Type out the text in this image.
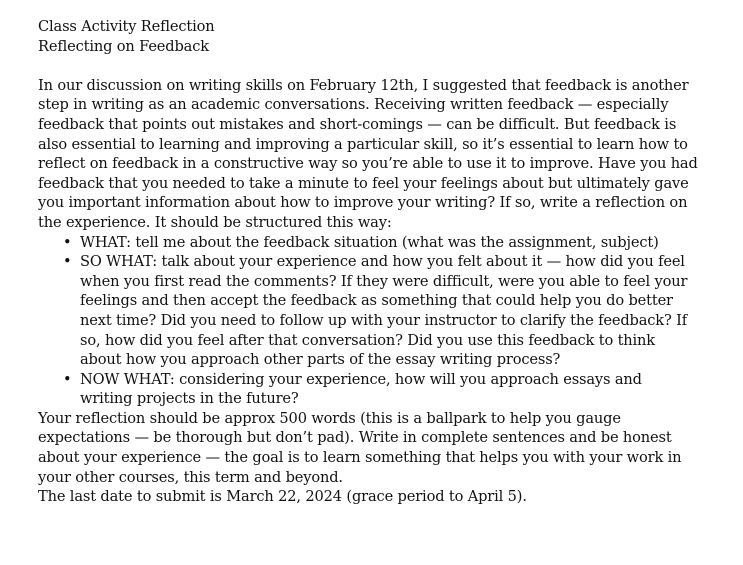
Class Activity Reflection

Reflecting on Feedback

In our discussion on writing skills on February 12th, I suggested that feedback is another step in writing as an academic conversations. Receiving written feedback — especially feedback that points out mistakes and short-comings — can be difficult. But feedback is also essential to learning and improving a particular skill, so it’s essential to learn how to reflect on feedback in a constructive way so you’re able to use it to improve. Have you had feedback that you needed to take a minute to feel your feelings about but ultimately gave you important information about how to improve your writing? If so, write a reflection on the experience. It should be structured this way:

• WHAT: tell me about the feedback situation (what was the assignment, subject)
• SO WHAT: talk about your experience and how you felt about it — how did you feel when you first read the comments? If they were difficult, were you able to feel your feelings and then accept the feedback as something that could help you do better next time? Did you need to follow up with your instructor to clarify the feedback? If so, how did you feel after that conversation? Did you use this feedback to think about how you approach other parts of the essay writing process?
• NOW WHAT: considering your experience, how will you approach essays and writing projects in the future?

Your reflection should be approx 500 words (this is a ballpark to help you gauge expectations — be thorough but don’t pad). Write in complete sentences and be honest about your experience — the goal is to learn something that helps you with your work in your other courses, this term and beyond.

The last date to submit is March 22, 2024 (grace period to April 5).
